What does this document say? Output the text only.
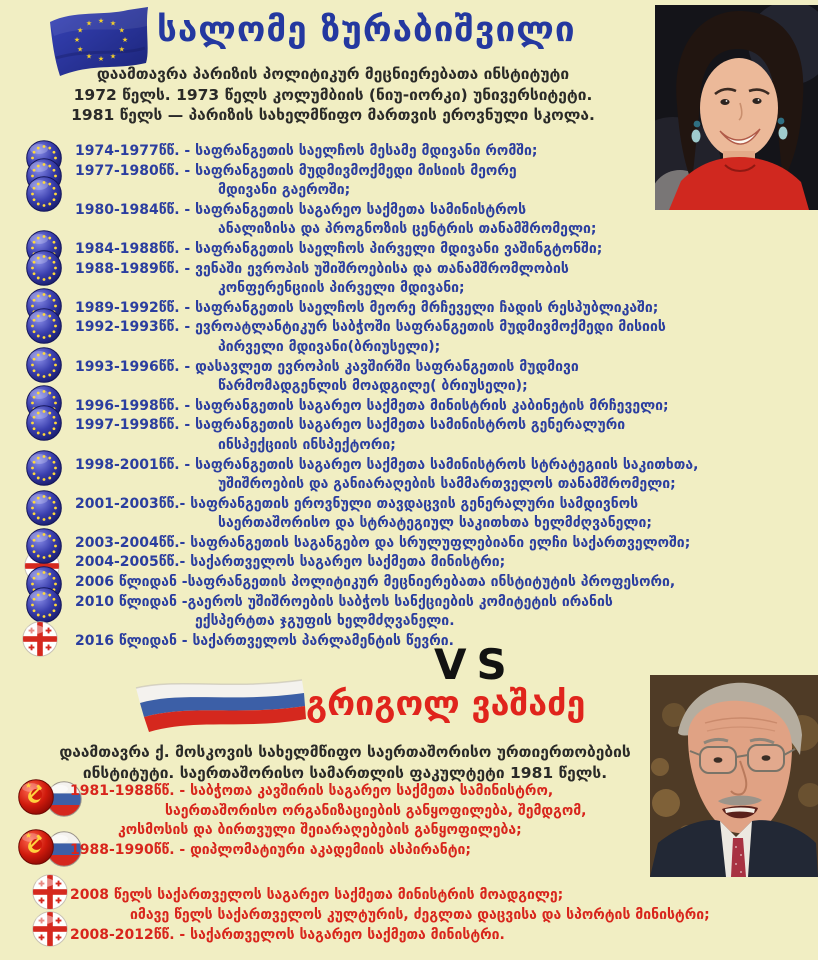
★
★
★
★
★
★
★
★
★ ★ ★
★ სალომე ზურაბიშვილი
დაამთავრა პარიზის პოლიტიკურ მეცნიერებათა ინსტიტუტი
1972 წელს. 1973 წელს კოლუმბიის (ნიუ-იორკი) უნივერსიტეტი.
1981 წელს — პარიზის სახელმწიფო მართვის ეროვნული სკოლა.
1974-1977წწ. - საფრანგეთის საელჩოს მესამე მდივანი რომში;
1977-1980წწ. - საფრანგეთის მუდმივმოქმედი მისიის მეორე
მდივანი გაეროში;
1980-1984წწ. - საფრანგეთის საგარეო საქმეთა სამინისტროს
ანალიზისა და პროგნოზის ცენტრის თანამშრომელი;
1984-1988წწ. - საფრანგეთის საელჩოს პირველი მდივანი ვაშინგტონში;
1988-1989წწ. - ვენაში ევროპის უშიშროებისა და თანამშრომლობის
კონფერენციის პირველი მდივანი;
1989-1992წწ. - საფრანგეთის საელჩოს მეორე მრჩეველი ჩადის რესპუბლიკაში;
1992-1993წწ. - ევროატლანტიკურ საბჭოში საფრანგეთის მუდმივმოქმედი მისიის
პირველი მდივანი(ბრიუსელი);
1993-1996წწ. - დასავლეთ ევროპის კავშირში საფრანგეთის მუდმივი
წარმომადგენლის მოადგილე( ბრიუსელი);
1996-1998წწ. - საფრანგეთის საგარეო საქმეთა მინისტრის კაბინეტის მრჩეველი;
1997-1998წწ. - საფრანგეთის საგარეო საქმეთა სამინისტროს გენერალური
ინსპექციის ინსპექტორი;
1998-2001წწ. - საფრანგეთის საგარეო საქმეთა სამინისტროს სტრატეგიის საკითხთა,
უშიშროების და განიარაღების სამმართველოს თანამშრომელი;
2001-2003წწ.- საფრანგეთის ეროვნული თავდაცვის გენერალური სამდივნოს
საერთაშორისო და სტრატეგიულ საკითხთა ხელმძღვანელი;
2003-2004წწ.- საფრანგეთის საგანგებო და სრულუფლებიანი ელჩი საქართველოში;
2004-2005წწ.- საქართველოს საგარეო საქმეთა მინისტრი;
2006 წლიდან -საფრანგეთის პოლიტიკურ მეცნიერებათა ინსტიტუტის პროფესორი,
2010 წლიდან -გაეროს უშიშროების საბჭოს სანქციების კომიტეტის ირანის
ექსპერტთა ჯგუფის ხელმძღვანელი.
2016 წლიდან - საქართველოს პარლამენტის წევრი.
VS
გრიგოლ ვაშაძე
დაამთავრა ქ. მოსკოვის სახელმწიფო საერთაშორისო ურთიერთობების
ინსტიტუტი. საერთაშორისო სამართლის ფაკულტეტი 1981 წელს.
1981-1988წწ. - საბჭოთა კავშირის საგარეო საქმეთა სამინისტრო,
საერთაშორისო ორგანიზაციების განყოფილება, შემდგომ,
კოსმოსის და ბირთვული შეიარაღებების განყოფილება;
1988-1990წწ. - დიპლომატიური აკადემიის ასპირანტი;
2008 წელს საქართველოს საგარეო საქმეთა მინისტრის მოადგილე;
იმავე წელს საქართველოს კულტურის, ძეგლთა დაცვისა და სპორტის მინისტრი;
2008-2012წწ. - საქართველოს საგარეო საქმეთა მინისტრი.
